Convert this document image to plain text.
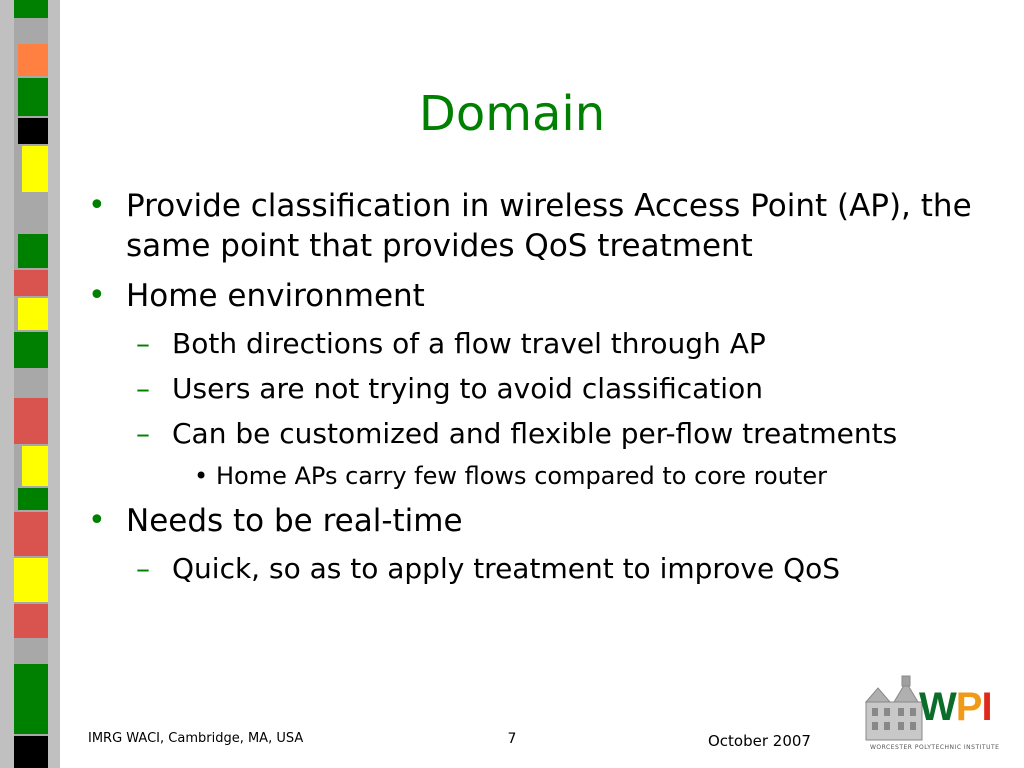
Domain
• Provide classification in wireless Access Point (AP), the same point that provides QoS treatment
• Home environment
– Both directions of a flow travel through AP
– Users are not trying to avoid classification
– Can be customized and flexible per-flow treatments
• Home APs carry few flows compared to core router
• Needs to be real-time
– Quick, so as to apply treatment to improve QoS
IMRG WACI, Cambridge, MA, USA	7	October 2007
WPI
WORCESTER POLYTECHNIC INSTITUTE
